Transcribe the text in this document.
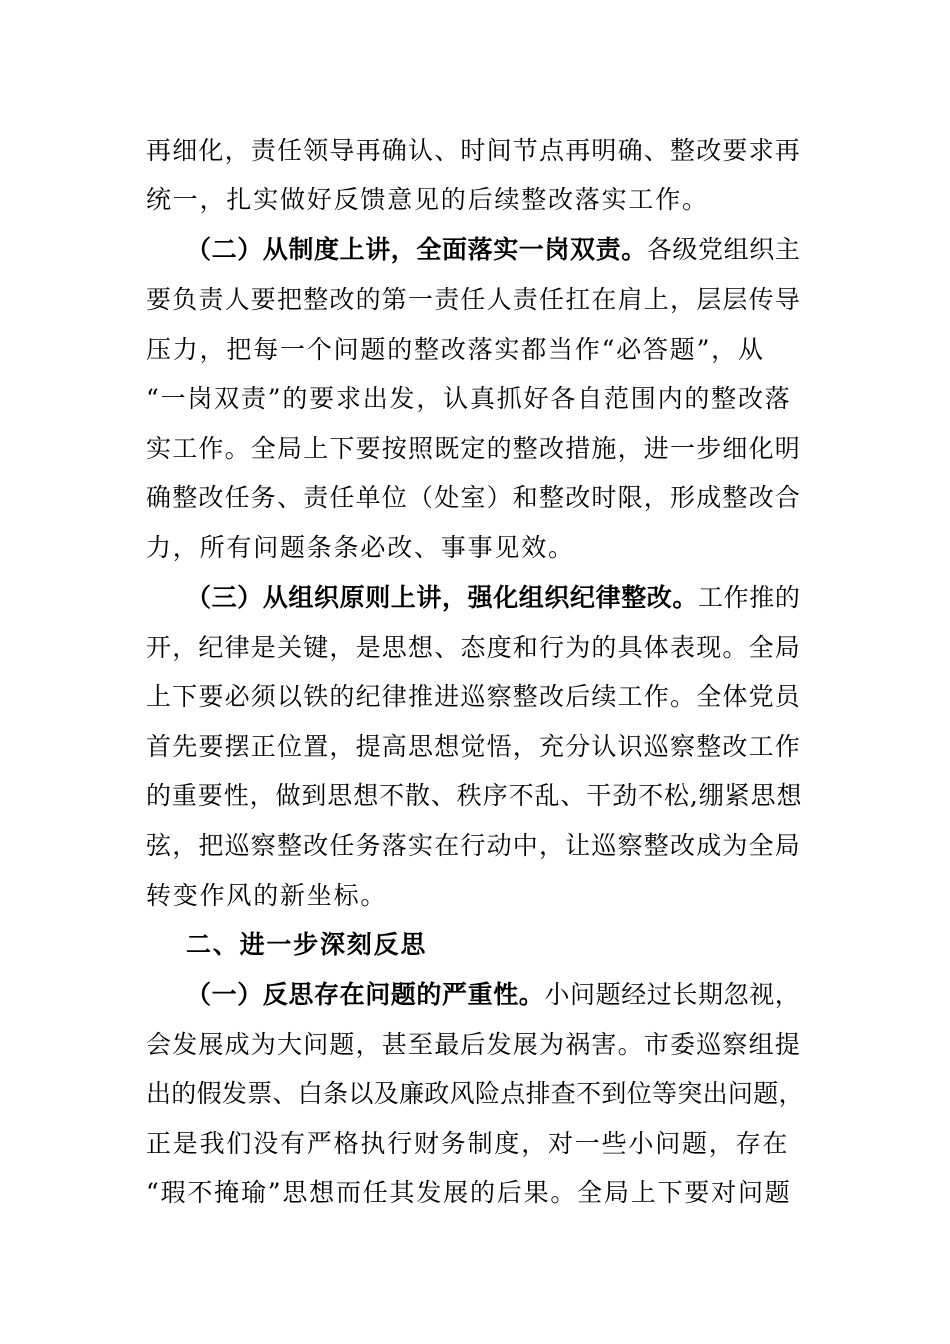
再细化，责任领导再确认、时间节点再明确、整改要求再
统一，扎实做好反馈意见的后续整改落实工作。
（二）从制度上讲，全面落实一岗双责。各级党组织主
要负责人要把整改的第一责任人责任扛在肩上，层层传导
压力，把每一个问题的整改落实都当作“必答题”，从
“一岗双责”的要求出发，认真抓好各自范围内的整改落
实工作。全局上下要按照既定的整改措施，进一步细化明
确整改任务、责任单位（处室）和整改时限，形成整改合
力，所有问题条条必改、事事见效。
（三）从组织原则上讲，强化组织纪律整改。工作推的
开，纪律是关键，是思想、态度和行为的具体表现。全局
上下要必须以铁的纪律推进巡察整改后续工作。全体党员
首先要摆正位置，提高思想觉悟，充分认识巡察整改工作
的重要性，做到思想不散、秩序不乱、干劲不松,绷紧思想
弦，把巡察整改任务落实在行动中，让巡察整改成为全局
转变作风的新坐标。
二、进一步深刻反思
（一）反思存在问题的严重性。小问题经过长期忽视，
会发展成为大问题，甚至最后发展为祸害。市委巡察组提
出的假发票、白条以及廉政风险点排查不到位等突出问题，
正是我们没有严格执行财务制度，对一些小问题，存在
“瑕不掩瑜”思想而任其发展的后果。全局上下要对问题
